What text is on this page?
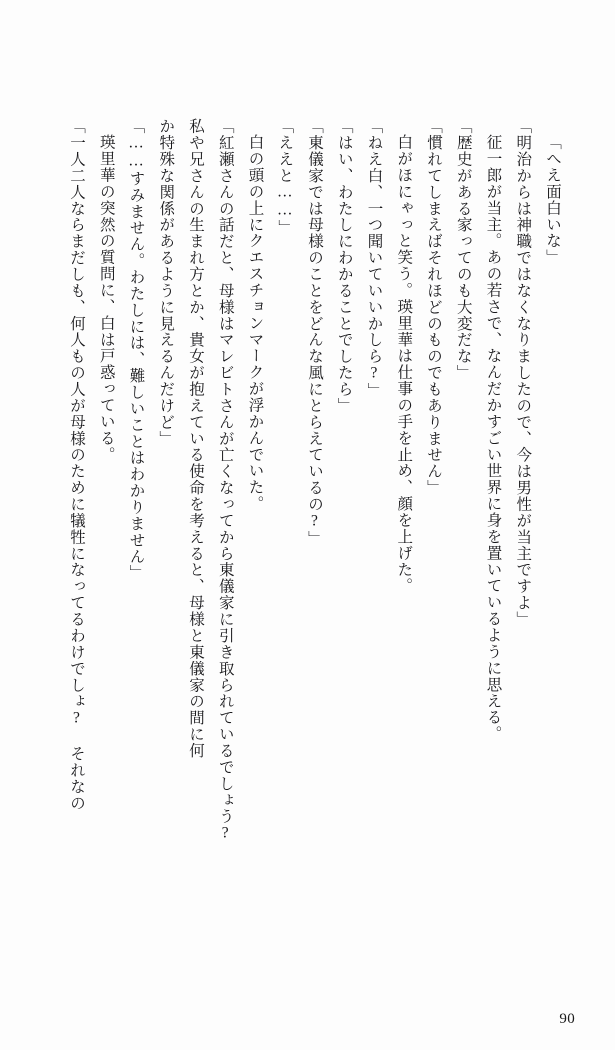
「へえ面白いな」

「明治からは神職ではなくなりましたので、今は男性が当主ですよ」

征一郎が当主。あの若さで、なんだかすごい世界に身を置いているように思える。

「歴史がある家ってのも大変だな」

「慣れてしまえばそれほどのものでもありません」

白がほにゃっと笑う。瑛里華は仕事の手を止め、顔を上げた。

「ねえ白、一つ聞いていいかしら?」

「はい、わたしにわかることでしたら」

「東儀家では母様のことをどんな風にとらえているの?」

「ええと……」

白の頭の上にクエスチョンマークが浮かんでいた。

「紅瀬さんの話だと、母様はマレビトさんが亡くなってから東儀家に引き取られているでしょう?

私や兄さんの生まれ方とか、貴女が抱えている使命を考えると、母様と東儀家の間に何

か特殊な関係があるように見えるんだけど」

「……すみません。わたしには、難しいことはわかりません」

瑛里華の突然の質問に、白は戸惑っている。

「一人二人ならまだしも、何人もの人が母様のために犠牲になってるわけでしょ? それなの

90
